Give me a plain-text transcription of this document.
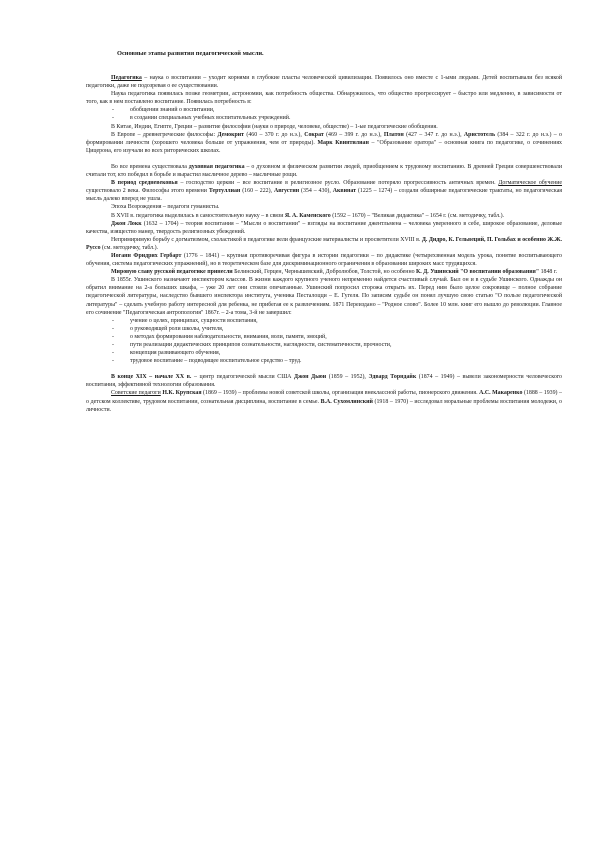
Основные этапы развития педагогической мысли.

Педагогика – наука о воспитании – уходит корнями в глубокие пласты человеческой цивилизации. Появилось оно вместе с 1-ыми людьми. Детей воспитывали без всякой педагогики, даже не подозревая о ее существовании.

Наука педагогика появилась позже геометрии, астрономии, как потребность общества. Обнаружилось, что общество прогрессирует – быстро или медленно, в зависимости от того, как в нем поставлено воспитание. Появилась потребность в:

-	обобщении знаний о воспитании,
-	в создании специальных учебных воспитательных учреждений.

В Китае, Индии, Египте, Греции – развитие философии (науки о природе, человеке, обществе) – 1-ые педагогические обобщения.

В Европе – древнегреческие философы: Демокрит (460 – 370 г. до н.э.), Сократ (469 – 399 г. до н.э.), Платон (427 – 347 г. до н.э.), Аристотель (384 – 322 г. до н.э.) – о формировании личности (хорошего человека больше от упражнения, чем от природы). Марк Квинтилиан – "Образование оратора" – основная книга по педагогике, о сочинениях Цицерона, его изучали во всех риторических школах.

Во все времена существовала духовная педагогика – о духовном и физическом развитии людей, приобщением к трудовому воспитанию. В древней Греции совершенствовали считали тот, кто победил в борьбе и вырастил масличное дерево – масличные рощи.

В период средневековья – господство церкви – все воспитание в религиозное русло. Образование потеряло прогрессивность античных времен. Догматическое обучение существовало 2 века. Философы этого времени Тертуллиан (160 – 222), Августин (354 – 430), Аквинат (1225 – 1274) – создали обширные педагогические трактаты, но педагогическая мысль далеко вперед не ушла.

Эпоха Возрождения – педагоги гуманисты.

В XVII в. педагогика выделилась в самостоятельную науку – в связи Я. А. Каменского (1592 – 1670) – "Великая дидактика" – 1654 г. (см. методичку, табл.).

Джон Локк (1632 – 1704) – теория воспитания – "Мысли о воспитании" – взгляды на воспитание джентльмена – человека уверенного в себе, широкое образование, деловые качества, изящество манер, твердость религиозных убеждений.

Непримиримую борьбу с догматизмом, схоластикой в педагогике вели французские материалисты и просветители XVIII в. Д. Дидро, К. Гельвеций, П. Гольбах и особенно Ж.Ж. Руссо (см. методичку, табл.).

Иоганн Фридрих Гербарт (1776 – 1841) – крупная противоречивая фигура в истории педагогики – по дидактике (четырехзвенная модель урока, понятие воспитывающего обучения, система педагогических упражнений), но в теоретическом базе для дискриминационного ограничения в образовании широких масс трудящихся.

Мировую славу русской педагогике принесли Белинский, Герцен, Чернышевский, Добролюбов, Толстой, но особенно К. Д. Ушинский "О воспитании образования" 1848 г.

В 1855г. Ушинского назначают инспектором классов. В жизни каждого крупного ученого непременно найдется счастливый случай. Был он и в судьбе Ушинского. Однажды он обратил внимание на 2-а больших шкафа, – уже 20 лет они стояли опечатанные. Ушинский попросил сторожа открыть их. Перед ним было целое сокровище – полное собрание педагогической литературы, наследство бывшего инспектора института, ученика Песталоцци – Е. Гугеля. По записям судьбе он понял лучшую свою статью "О пользе педагогической литературы" – сделать учебную работу интересной для ребенка, не прибегая ее к развлечениям. 1871 Переиздано – "Родное слово". Более 10 млн. книг его вышло до революции. Главное его сочинение "Педагогическая антропология" 1867г. – 2-а тома, 3-й не завершил:

-	учение о целях, принципах, сущности воспитания,
-	о руководящей роли школы, учителя,
-	о методах формирования наблюдательности, внимания, воли, памяти, эмоций,
-	пути реализации дидактических принципов сознательности, наглядности, систематичности, прочности,
-	концепция развивающего обучения,
-	трудовое воспитание – подводящее воспитательное средство – труд.

В конце XIX – начале XX в. – центр педагогической мысли США Джон Дьюи (1859 – 1952), Эдвард Торндайк (1874 – 1949) – вывели закономерности человеческого воспитания, эффективной технологии образования.

Советские педагоги Н.К. Крупская (1869 – 1939) – проблемы новой советской школы, организация внеклассной работы, пионерского движения. А.С. Макаренко (1888 – 1939) – о детском коллективе, трудовом воспитании, сознательная дисциплина, воспитание в семье. В.А. Сухомлинский (1918 – 1970) – исследовал моральные проблемы воспитания молодежи, о личности.
